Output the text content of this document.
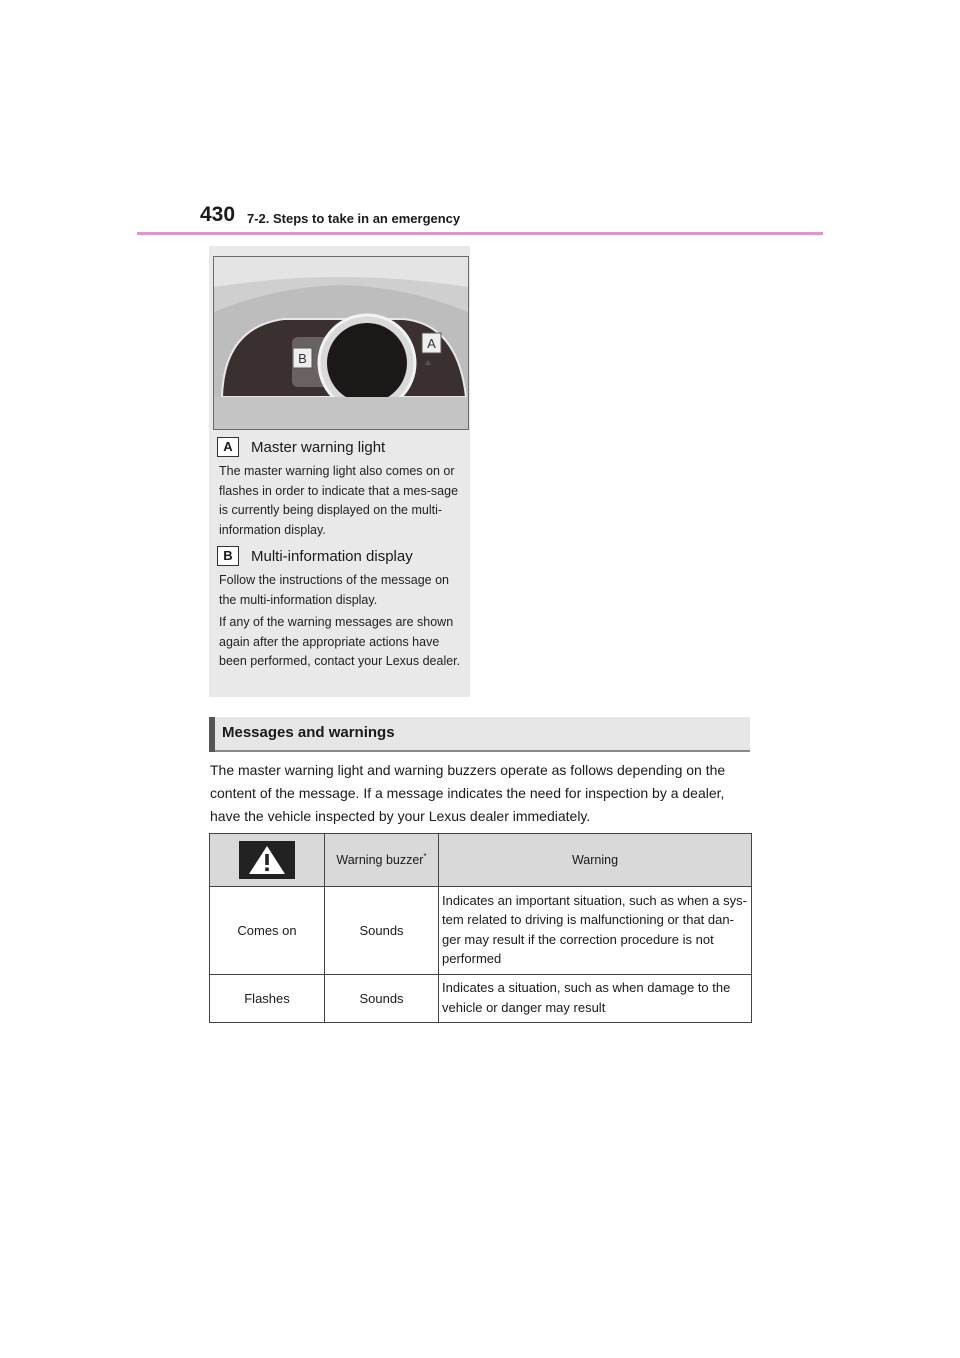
430 7-2. Steps to take in an emergency
B
A
A	Master warning light
The master warning light also comes on or flashes in order to indicate that a mes-sage is currently being displayed on the multi-information display.
B	Multi-information display
Follow the instructions of the message on the multi-information display.
If any of the warning messages are shown again after the appropriate actions have been performed, contact your Lexus dealer.
Messages and warnings
The master warning light and warning buzzers operate as follows depending on the content of the message. If a message indicates the need for inspection by a dealer, have the vehicle inspected by your Lexus dealer immediately.
	Warning buzzer*	Warning
Comes on	Sounds	Indicates an important situation, such as when a sys-tem related to driving is malfunctioning or that dan-ger may result if the correction procedure is not performed
Flashes	Sounds	Indicates a situation, such as when damage to the vehicle or danger may result
